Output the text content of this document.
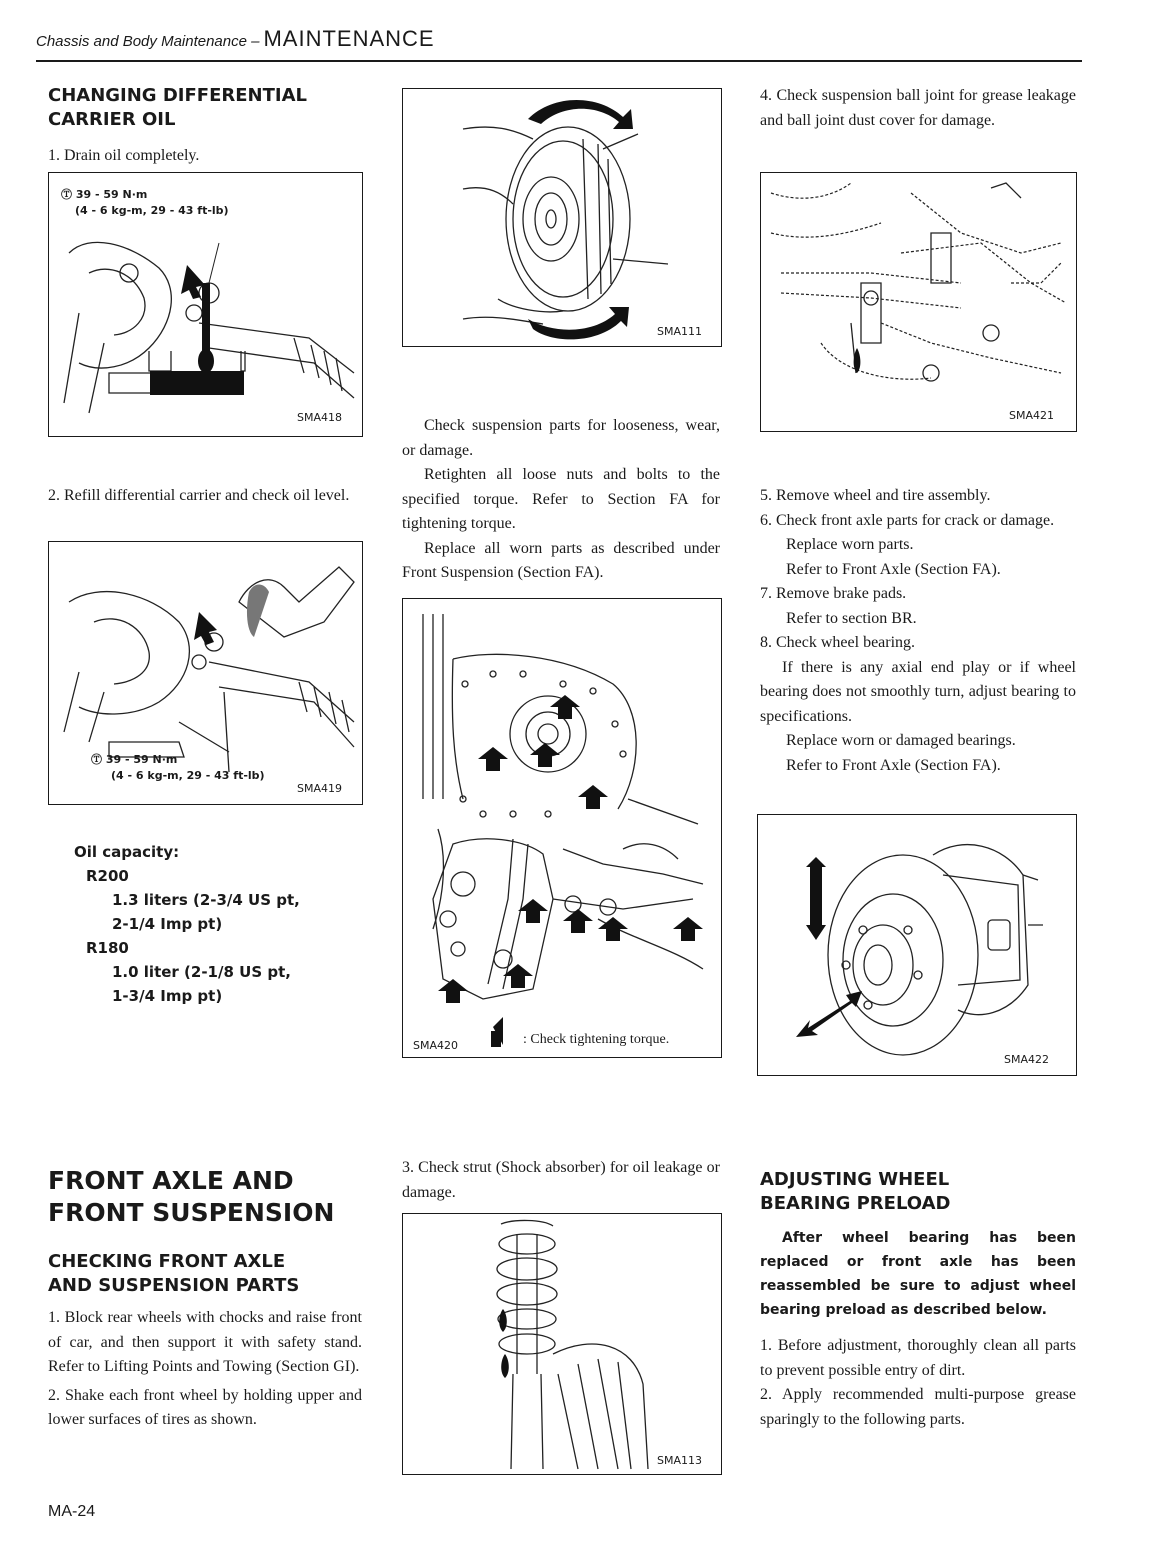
Chassis and Body Maintenance – MAINTENANCE

CHANGING DIFFERENTIAL

CARRIER OIL

1. Drain oil completely.

Ⓣ 39 - 59 N·m
(4 - 6 kg-m, 29 - 43 ft-lb)
SMA418

2. Refill differential carrier and check oil level.

Ⓣ 39 - 59 N·m
(4 - 6 kg-m, 29 - 43 ft-lb)
SMA419
Oil capacity:
R200
1.3 liters (2-3/4 US pt,
2-1/4 Imp pt)
R180
1.0 liter (2-1/8 US pt,
1-3/4 Imp pt)

FRONT AXLE AND

FRONT SUSPENSION

CHECKING FRONT AXLE

AND SUSPENSION PARTS

1. Block rear wheels with chocks and raise front of car, and then support it with safety stand. Refer to Lifting Points and Towing (Section GI).

2. Shake each front wheel by holding upper and lower surfaces of tires as shown.

SMA111

Check suspension parts for looseness, wear, or damage.

Retighten all loose nuts and bolts to the specified torque. Refer to Section FA for tightening torque.

Replace all worn parts as described under Front Suspension (Section FA).

SMA420	: Check tightening torque.

3. Check strut (Shock absorber) for oil leakage or damage.

SMA113

4. Check suspension ball joint for grease leakage and ball joint dust cover for damage.

SMA421

5. Remove wheel and tire assembly.

6. Check front axle parts for crack or damage.

Replace worn parts.

Refer to Front Axle (Section FA).

7. Remove brake pads.

Refer to section BR.

8. Check wheel bearing.

If there is any axial end play or if wheel bearing does not smoothly turn, adjust bearing to specifications.

Replace worn or damaged bearings.

Refer to Front Axle (Section FA).

SMA422

ADJUSTING WHEEL

BEARING PRELOAD

After wheel bearing has been replaced or front axle has been reassembled be sure to adjust wheel bearing preload as described below.

1. Before adjustment, thoroughly clean all parts to prevent possible entry of dirt.

2. Apply recommended multi-purpose grease sparingly to the following parts.

MA-24
